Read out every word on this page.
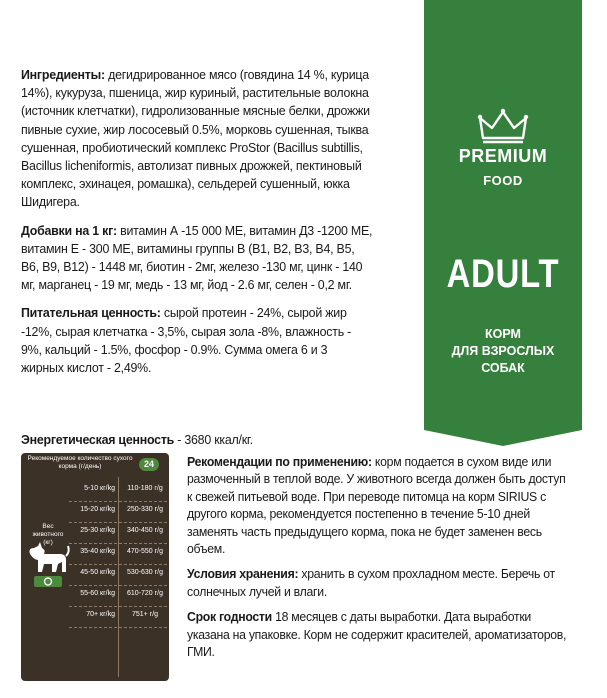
Ингредиенты: дегидрированное мясо (говядина 14 %, курица 14%), кукуруза, пшеница, жир куриный, растительные волокна (источник клетчатки), гидролизованные мясные белки, дрожжи пивные сухие, жир лососевый 0.5%, морковь сушенная, тыква сушенная, пробиотический комплекс ProStor (Bacillus subtillis, Bacillus licheniformis, автолизат пивных дрожжей, пектиновый комплекс, эхинацея, ромашка), сельдерей сушенный, юкка Шидигера.

Добавки на 1 кг: витамин А -15 000 МЕ, витамин Д3 -1200 МЕ, витамин Е - 300 МЕ, витамины группы В (В1, В2, В3, В4, В5, В6, В9, В12) - 1448 мг, биотин - 2мг, железо -130 мг, цинк - 140 мг, марганец - 19 мг, медь - 13 мг, йод - 2.6 мг, селен - 0,2 мг.

Питательная ценность: сырой протеин - 24%, сырой жир -12%, сырая клетчатка - 3,5%, сырая зола -8%, влажность - 9%, кальций - 1.5%, фосфор - 0.9%. Сумма омега 6 и 3 жирных кислот - 2,49%.

Энергетическая ценность - 3680 ккал/кг.
PREMIUM
FOOD
ADULT
КОРМ
ДЛЯ ВЗРОСЛЫХ
СОБАК
Рекомендуемое количество сухого корма (г/день)	24
Вес животного (кг)
5-10 кг/kg	110-180 г/g
15-20 кг/kg	250-330 г/g
25-30 кг/kg	340-450 г/g
35-40 кг/kg	470-550 г/g
45-50 кг/kg	530-630 г/g
55-60 кг/kg	610-720 г/g
70+ кг/kg	751+ г/g

Рекомендации по применению: корм подается в сухом виде или размоченный в теплой воде. У животного всегда должен быть доступ к свежей питьевой воде. При переводе питомца на корм SIRIUS с другого корма, рекомендуется постепенно в течение 5-10 дней заменять часть предыдущего корма, пока не будет заменен весь объем.

Условия хранения: хранить в сухом прохладном месте. Беречь от солнечных лучей и влаги.

Срок годности 18 месяцев с даты выработки. Дата выработки указана на упаковке. Корм не содержит красителей, ароматизаторов, ГМИ.
